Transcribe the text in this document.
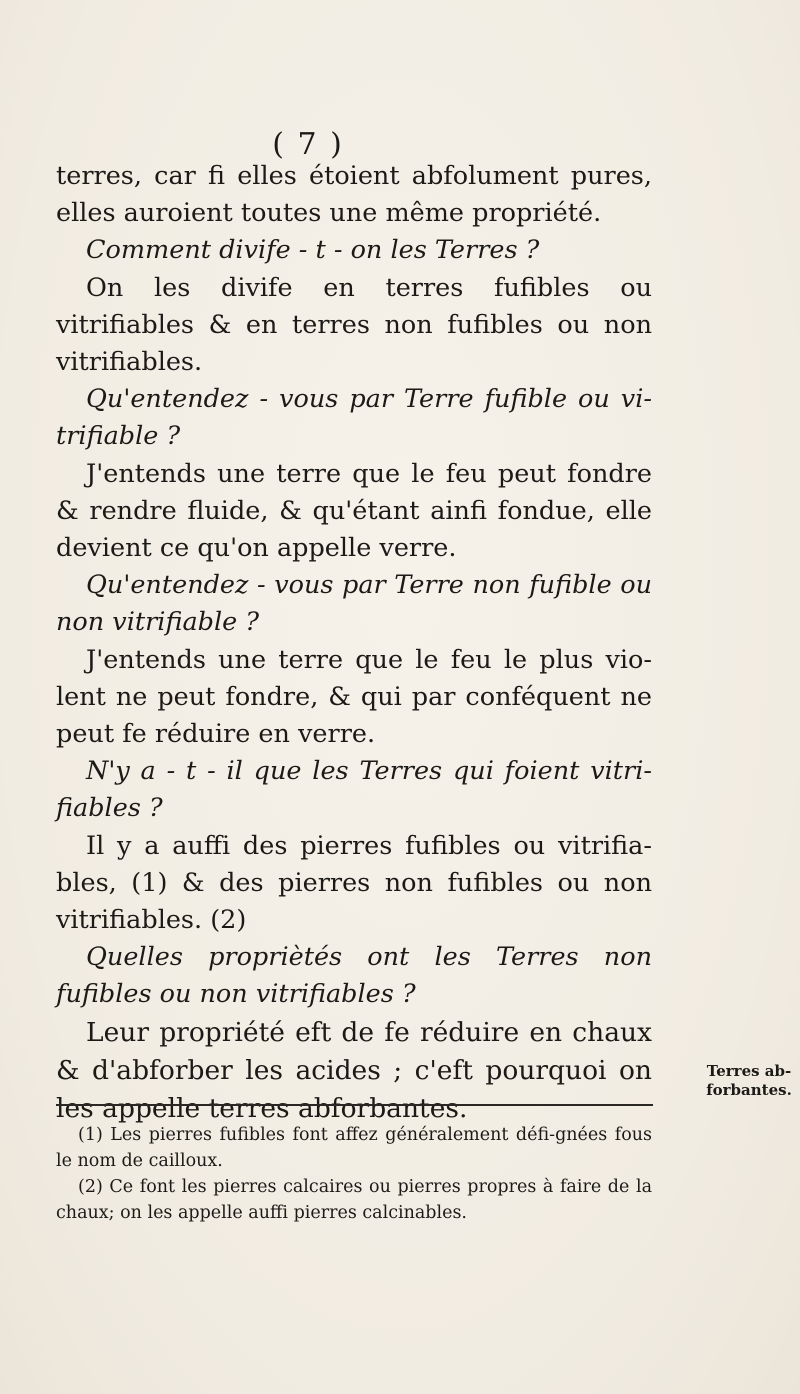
( 7 )

terres, car fi elles étoient abfolument pures, elles auroient toutes une même propriété.

Comment divife - t - on les Terres ?

On les divife en terres fufibles ou vitrifiables & en terres non fufibles ou non vitrifiables.

Qu'entendez - vous par Terre fufible ou vi-trifiable ?

J'entends une terre que le feu peut fondre & rendre fluide, & qu'étant ainfi fondue, elle devient ce qu'on appelle verre.

Qu'entendez - vous par Terre non fufible ou non vitrifiable ?

J'entends une terre que le feu le plus vio-lent ne peut fondre, & qui par conféquent ne peut fe réduire en verre.

N'y a - t - il que les Terres qui foient vitri-fiables ?

Il y a auffi des pierres fufibles ou vitrifia-bles, (1) & des pierres non fufibles ou non vitrifiables. (2)

Quelles propriètés ont les Terres non fufibles ou non vitrifiables ?

Leur propriété eft de fe réduire en chaux & d'abforber les acides ; c'eft pourquoi on les appelle terres abforbantes.

Terres ab-forbantes.

(1) Les pierres fufibles font affez généralement défi-gnées fous le nom de cailloux.

(2) Ce font les pierres calcaires ou pierres propres à faire de la chaux; on les appelle auffi pierres calcinables.
